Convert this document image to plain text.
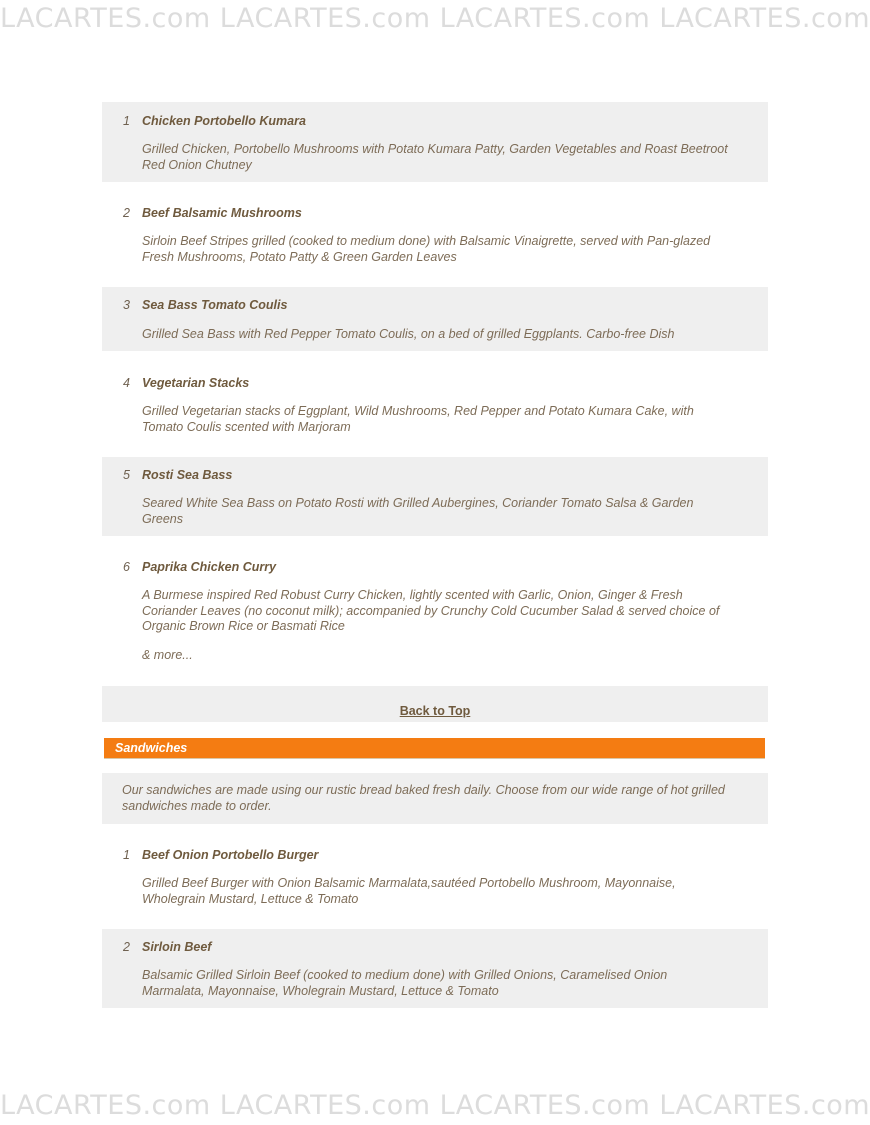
LACARTES.com LACARTES.com LACARTES.com LACARTES.com
1 Chicken Portobello Kumara
Grilled Chicken, Portobello Mushrooms with Potato Kumara Patty, Garden Vegetables and Roast Beetroot Red Onion Chutney
2 Beef Balsamic Mushrooms
Sirloin Beef Stripes grilled (cooked to medium done) with Balsamic Vinaigrette, served with Pan-glazed Fresh Mushrooms, Potato Patty & Green Garden Leaves
3 Sea Bass Tomato Coulis
Grilled Sea Bass with Red Pepper Tomato Coulis, on a bed of grilled Eggplants. Carbo-free Dish
4 Vegetarian Stacks
Grilled Vegetarian stacks of Eggplant, Wild Mushrooms, Red Pepper and Potato Kumara Cake, with Tomato Coulis scented with Marjoram
5 Rosti Sea Bass
Seared White Sea Bass on Potato Rosti with Grilled Aubergines, Coriander Tomato Salsa & Garden Greens
6 Paprika Chicken Curry
A Burmese inspired Red Robust Curry Chicken, lightly scented with Garlic, Onion, Ginger & Fresh Coriander Leaves (no coconut milk); accompanied by Crunchy Cold Cucumber Salad & served choice of Organic Brown Rice or Basmati Rice
& more...
Back to Top
Sandwiches
Our sandwiches are made using our rustic bread baked fresh daily. Choose from our wide range of hot grilled sandwiches made to order.
1 Beef Onion Portobello Burger
Grilled Beef Burger with Onion Balsamic Marmalata,sautéed Portobello Mushroom, Mayonnaise, Wholegrain Mustard, Lettuce & Tomato
2 Sirloin Beef
Balsamic Grilled Sirloin Beef (cooked to medium done) with Grilled Onions, Caramelised Onion Marmalata, Mayonnaise, Wholegrain Mustard, Lettuce & Tomato
LACARTES.com LACARTES.com LACARTES.com LACARTES.com
